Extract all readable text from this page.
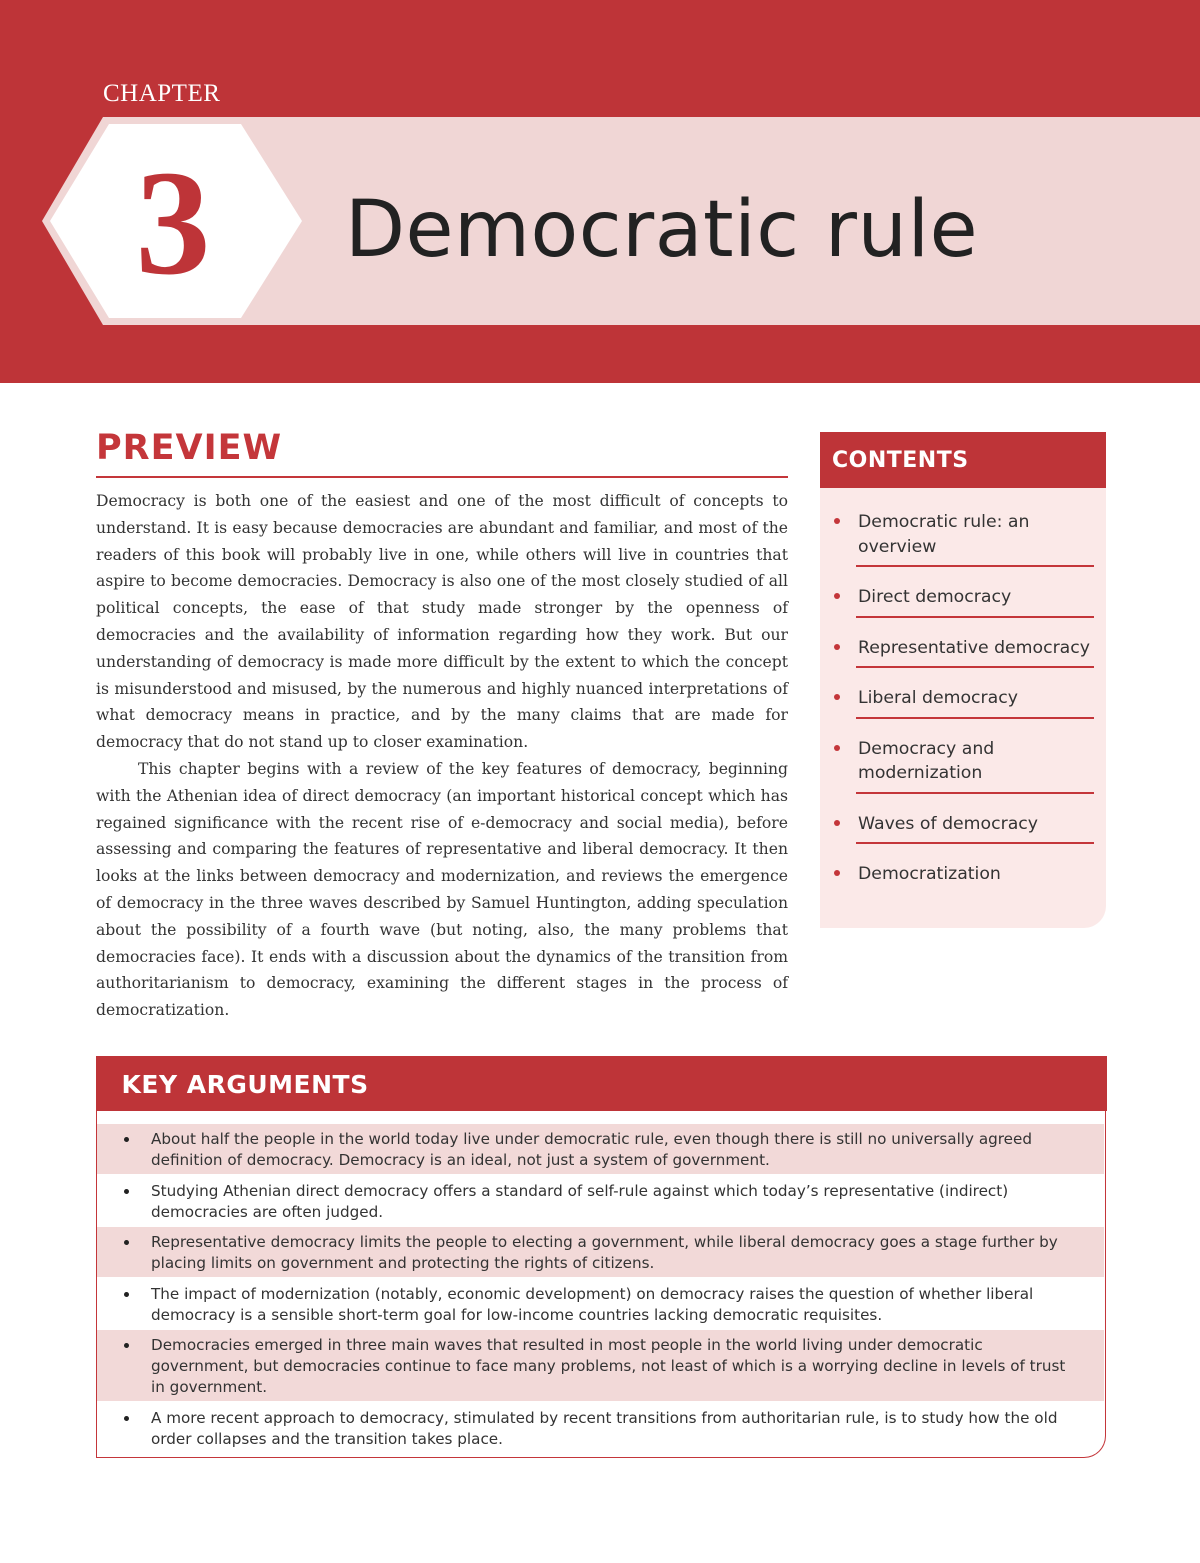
CHAPTER
3 Democratic rule
PREVIEW

Democracy is both one of the easiest and one of the most difficult of concepts to understand. It is easy because democracies are abundant and familiar, and most of the readers of this book will probably live in one, while others will live in countries that aspire to become democracies. Democracy is also one of the most closely studied of all political concepts, the ease of that study made stronger by the openness of democracies and the availability of information regarding how they work. But our understanding of democracy is made more difficult by the extent to which the concept is misunderstood and misused, by the numerous and highly nuanced interpretations of what democracy means in practice, and by the many claims that are made for democracy that do not stand up to closer examination.

This chapter begins with a review of the key features of democracy, beginning with the Athenian idea of direct democracy (an important historical concept which has regained significance with the recent rise of e-democracy and social media), before assessing and comparing the features of representative and liberal democracy. It then looks at the links between democracy and modernization, and reviews the emergence of democracy in the three waves described by Samuel Huntington, adding speculation about the possibility of a fourth wave (but noting, also, the many problems that democracies face). It ends with a discussion about the dynamics of the transition from authoritarianism to democracy, examining the different stages in the process of democratization.

CONTENTS
Democratic rule: an overview
Direct democracy
Representative democracy
Liberal democracy
Democracy and modernization
Waves of democracy
Democratization
KEY ARGUMENTS
About half the people in the world today live under democratic rule, even though there is still no universally agreed definition of democracy. Democracy is an ideal, not just a system of government.
Studying Athenian direct democracy offers a standard of self-rule against which today’s representative (indirect) democracies are often judged.
Representative democracy limits the people to electing a government, while liberal democracy goes a stage further by placing limits on government and protecting the rights of citizens.
The impact of modernization (notably, economic development) on democracy raises the question of whether liberal democracy is a sensible short-term goal for low-income countries lacking democratic requisites.
Democracies emerged in three main waves that resulted in most people in the world living under democratic government, but democracies continue to face many problems, not least of which is a worrying decline in levels of trust in government.
A more recent approach to democracy, stimulated by recent transitions from authoritarian rule, is to study how the old order collapses and the transition takes place.
